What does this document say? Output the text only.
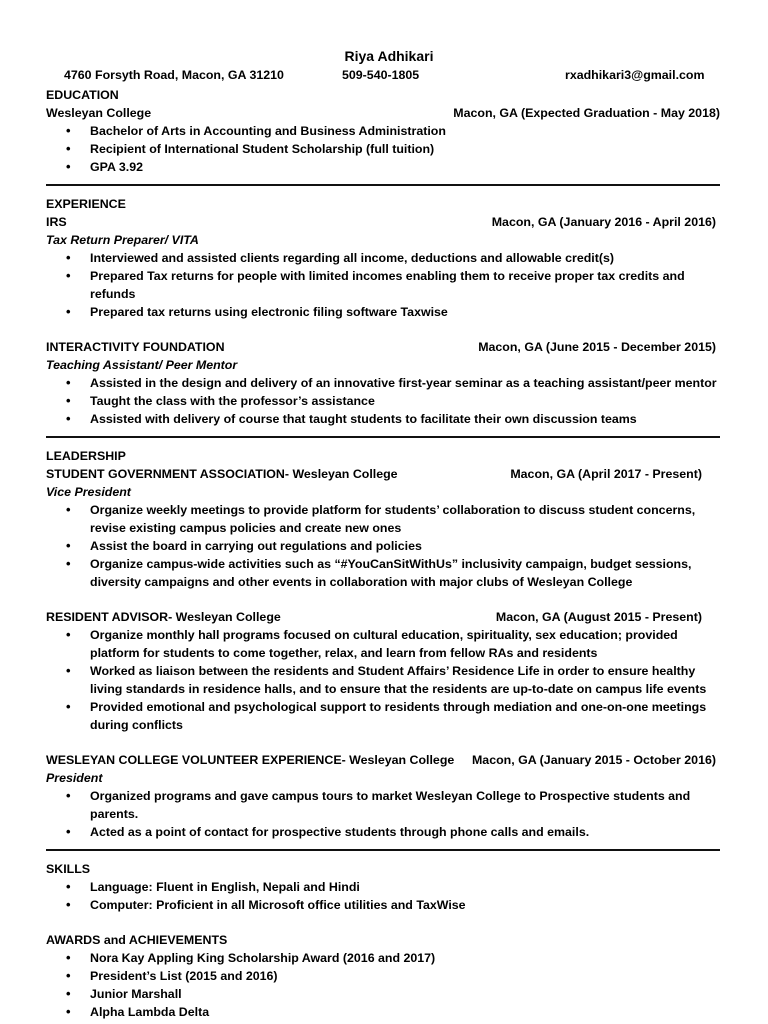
Riya Adhikari
4760 Forsyth Road, Macon, GA 31210	509-540-1805	rxadhikari3@gmail.com
EDUCATION
Wesleyan College	Macon, GA (Expected Graduation - May 2018)
• Bachelor of Arts in Accounting and Business Administration
• Recipient of International Student Scholarship (full tuition)
• GPA 3.92
EXPERIENCE
IRS	Macon, GA (January 2016 - April 2016)
Tax Return Preparer/ VITA
• Interviewed and assisted clients regarding all income, deductions and allowable credit(s)
• Prepared Tax returns for people with limited incomes enabling them to receive proper tax credits and refunds
• Prepared tax returns using electronic filing software Taxwise
INTERACTIVITY FOUNDATION	Macon, GA (June 2015 - December 2015)
Teaching Assistant/ Peer Mentor
• Assisted in the design and delivery of an innovative first-year seminar as a teaching assistant/peer mentor
• Taught the class with the professor’s assistance
• Assisted with delivery of course that taught students to facilitate their own discussion teams
LEADERSHIP
STUDENT GOVERNMENT ASSOCIATION- Wesleyan College	Macon, GA (April 2017 - Present)
Vice President
• Organize weekly meetings to provide platform for students’ collaboration to discuss student concerns, revise existing campus policies and create new ones
• Assist the board in carrying out regulations and policies
• Organize campus-wide activities such as “#YouCanSitWithUs” inclusivity campaign, budget sessions, diversity campaigns and other events in collaboration with major clubs of Wesleyan College
RESIDENT ADVISOR- Wesleyan College	Macon, GA (August 2015 - Present)
• Organize monthly hall programs focused on cultural education, spirituality, sex education; provided platform for students to come together, relax, and learn from fellow RAs and residents
• Worked as liaison between the residents and Student Affairs’ Residence Life in order to ensure healthy living standards in residence halls, and to ensure that the residents are up-to-date on campus life events
• Provided emotional and psychological support to residents through mediation and one-on-one meetings during conflicts
WESLEYAN COLLEGE VOLUNTEER EXPERIENCE- Wesleyan College Macon, GA (January 2015 - October 2016)
President
• Organized programs and gave campus tours to market Wesleyan College to Prospective students and parents.
• Acted as a point of contact for prospective students through phone calls and emails.
SKILLS
• Language: Fluent in English, Nepali and Hindi
• Computer: Proficient in all Microsoft office utilities and TaxWise
AWARDS and ACHIEVEMENTS
• Nora Kay Appling King Scholarship Award (2016 and 2017)
• President’s List (2015 and 2016)
• Junior Marshall
• Alpha Lambda Delta
